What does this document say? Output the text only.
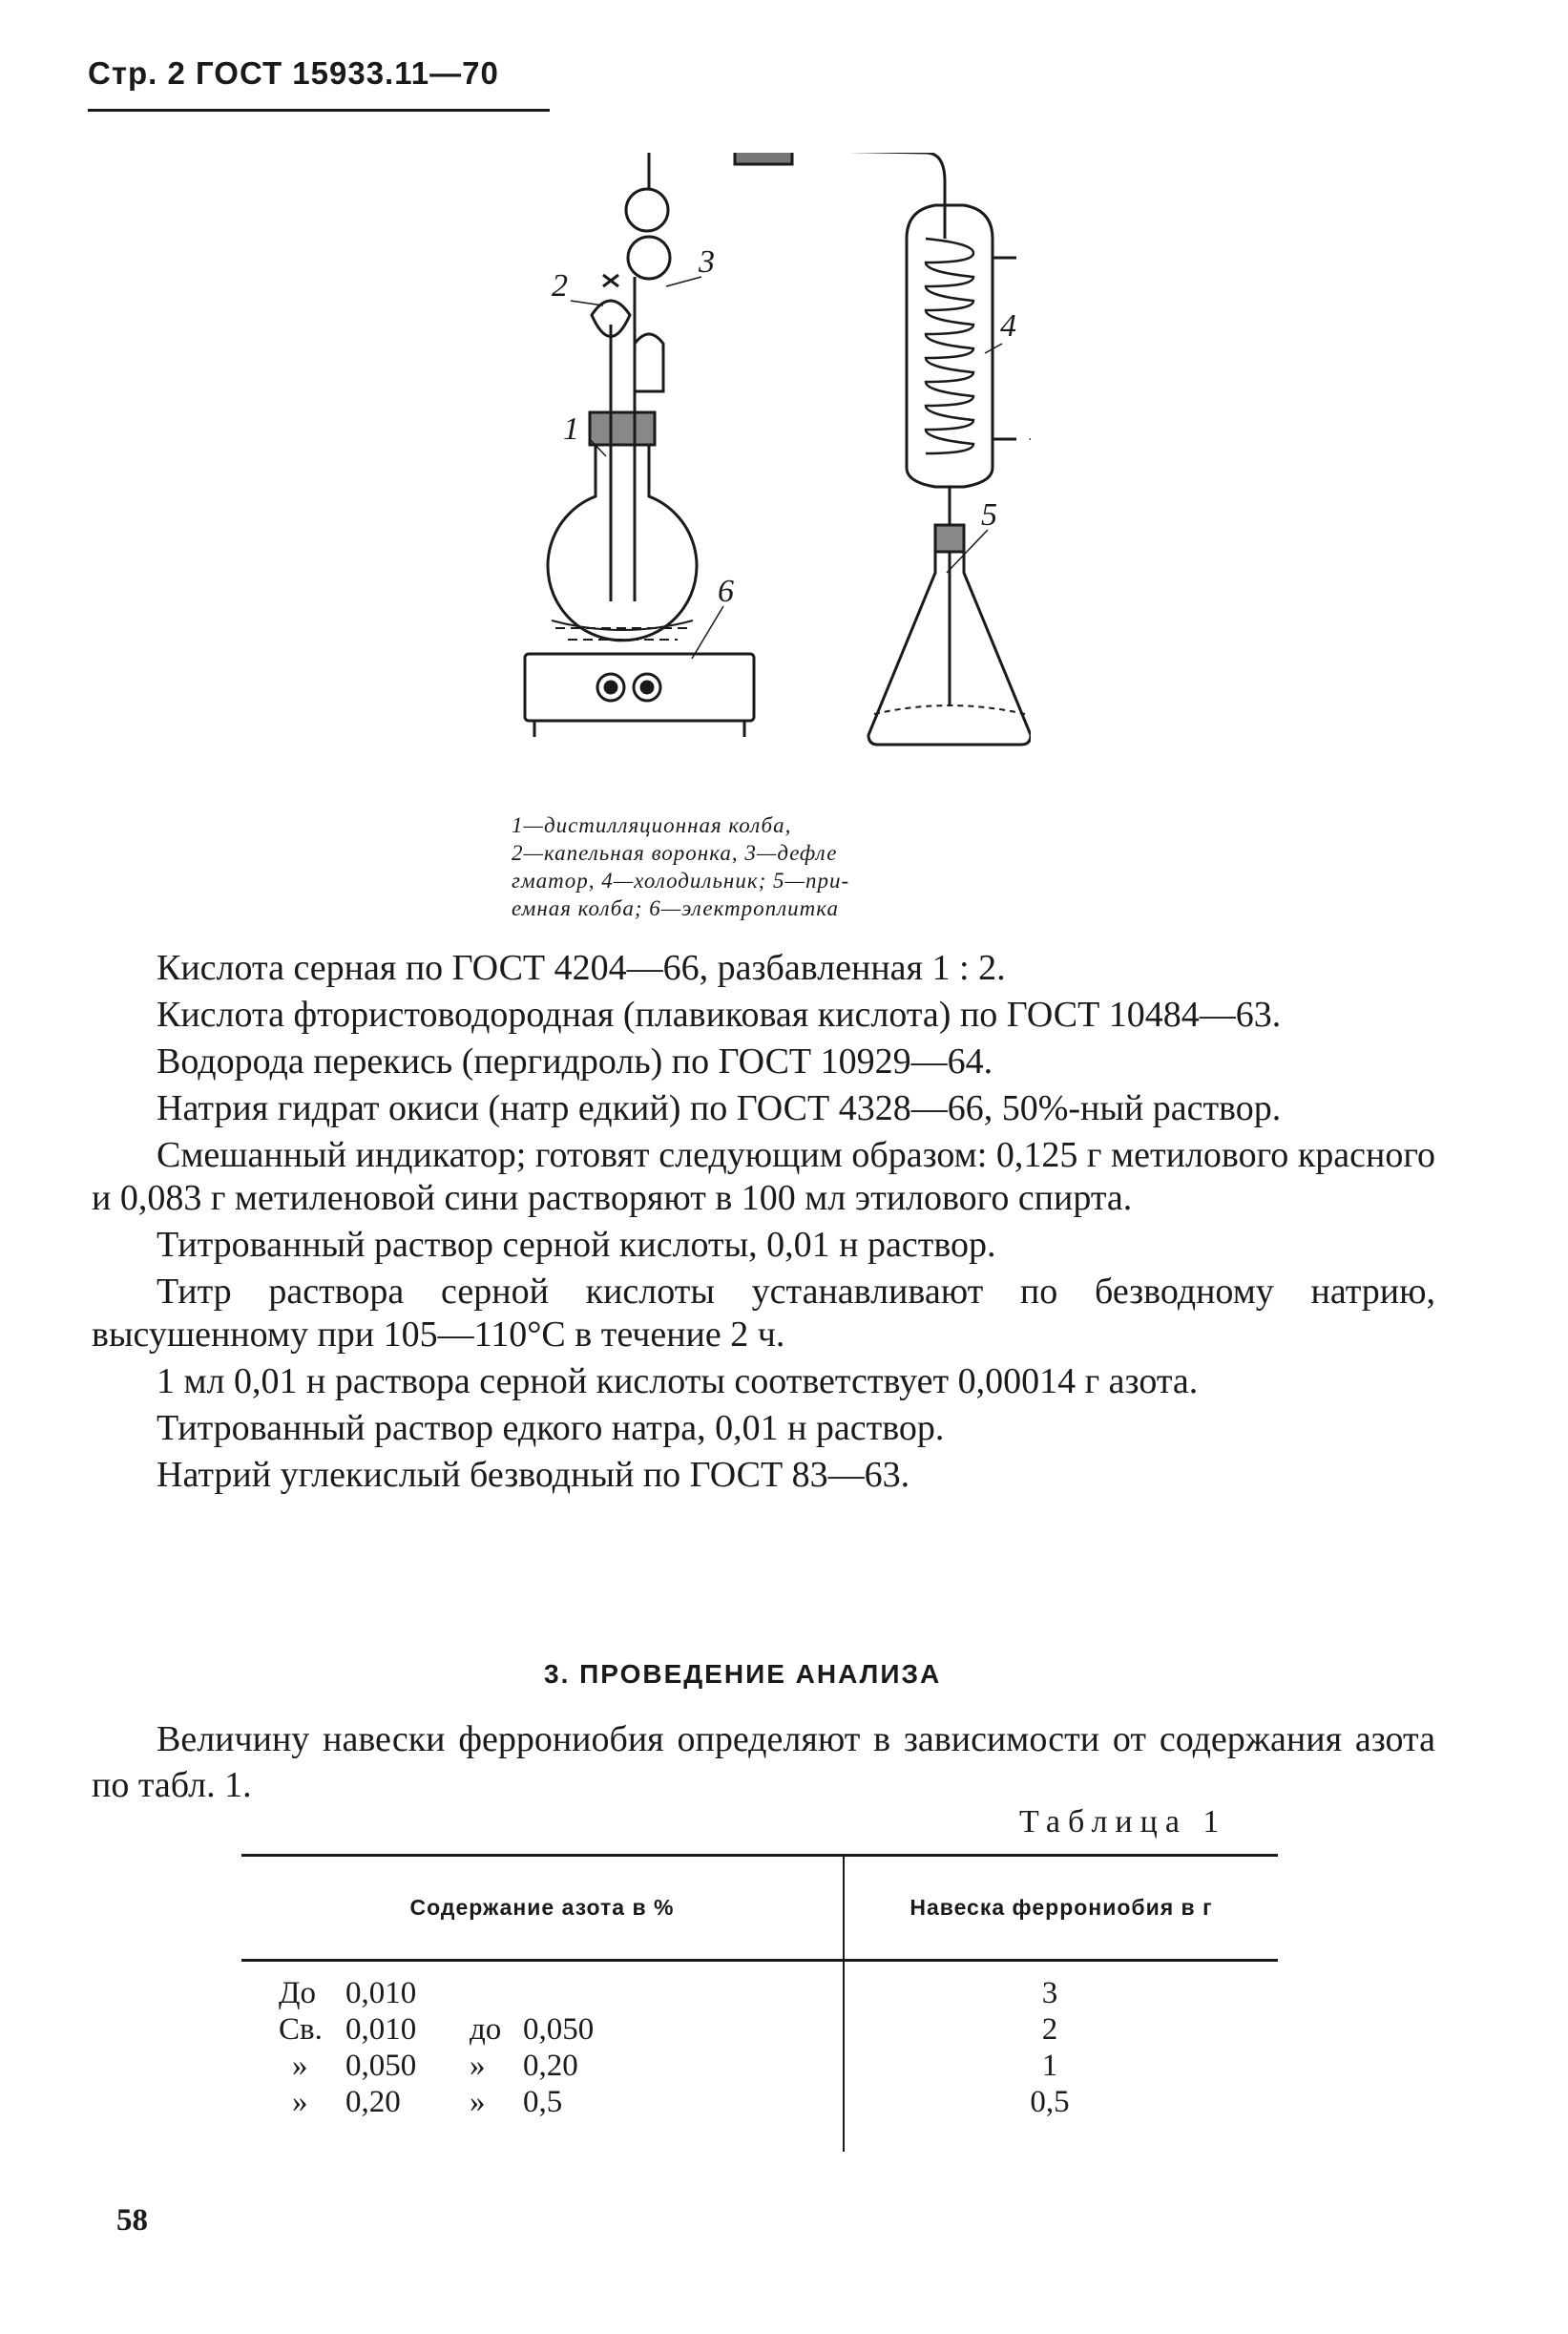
Стр. 2 ГОСТ 15933.11—70
2
3
4
1
5
6
1—дистилляционная колба,
2—капельная воронка, 3—дефле
гматор, 4—холодильник; 5—при-
емная колба; 6—электроплитка

Кислота серная по ГОСТ 4204—66, разбавленная 1 : 2.

Кислота фтористоводородная (плавиковая кислота) по ГОСТ 10484—63.

Водорода перекись (пергидроль) по ГОСТ 10929—64.

Натрия гидрат окиси (натр едкий) по ГОСТ 4328—66, 50%-ный раствор.

Смешанный индикатор; готовят следующим образом: 0,125 г метилового красного и 0,083 г метиленовой сини растворяют в 100 мл этилового спирта.

Титрованный раствор серной кислоты, 0,01 н раствор.

Титр раствора серной кислоты устанавливают по безводному натрию, высушенному при 105—110°С в течение 2 ч.

1 мл 0,01 н раствора серной кислоты соответствует 0,00014 г азота.

Титрованный раствор едкого натра, 0,01 н раствор.

Натрий углекислый безводный по ГОСТ 83—63.

3. ПРОВЕДЕНИЕ АНАЛИЗА

Величину навески феррониобия определяют в зависимости от содержания азота по табл. 1.

Таблица 1
Содержание азота в %	Навеска феррониобия в г
До 0,010	3
Св. 0,010	до 0,050	2
»	0,050	»	0,20	1
»	0,20	»	0,5	0,5
58
